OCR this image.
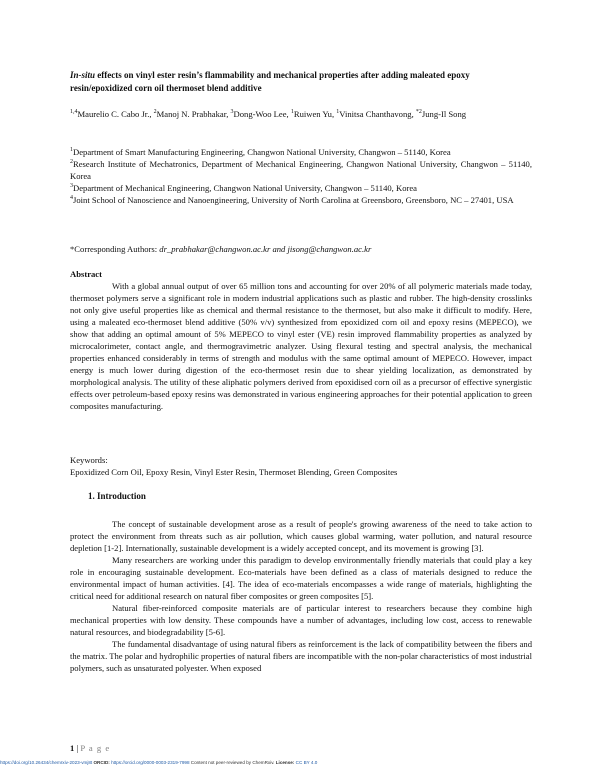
In-situ effects on vinyl ester resin’s flammability and mechanical properties after adding maleated epoxy resin/epoxidized corn oil thermoset blend additive
$^{1,4}$Maurelio C. Cabo Jr., $^2$Manoj N. Prabhakar, $^3$Dong-Woo Lee, $^1$Ruiwen Yu, $^1$Vinitsa Chanthavong, $^{*2}$Jung-Il Song

$^1$Department of Smart Manufacturing Engineering, Changwon National University, Changwon – 51140, Korea

$^2$Research Institute of Mechatronics, Department of Mechanical Engineering, Changwon National University, Changwon – 51140, Korea

$^3$Department of Mechanical Engineering, Changwon National University, Changwon – 51140, Korea

$^4$Joint School of Nanoscience and Nanoengineering, University of North Carolina at Greensboro, Greensboro, NC – 27401, USA

*Corresponding Authors: dr_prabhakar@changwon.ac.kr and jisong@changwon.ac.kr
Abstract
With a global annual output of over 65 million tons and accounting for over 20% of all polymeric materials made today, thermoset polymers serve a significant role in modern industrial applications such as plastic and rubber. The high-density crosslinks not only give useful properties like as chemical and thermal resistance to the thermoset, but also make it difficult to modify. Here, using a maleated eco-thermoset blend additive (50% v/v) synthesized from epoxidized corn oil and epoxy resins (MEPECO), we show that adding an optimal amount of 5% MEPECO to vinyl ester (VE) resin improved flammability properties as analyzed by microcalorimeter, contact angle, and thermogravimetric analyzer. Using flexural testing and spectral analysis, the mechanical properties enhanced considerably in terms of strength and modulus with the same optimal amount of MEPECO. However, impact energy is much lower during digestion of the eco-thermoset resin due to shear yielding localization, as demonstrated by morphological analysis. The utility of these aliphatic polymers derived from epoxidised corn oil as a precursor of effective synergistic effects over petroleum-based epoxy resins was demonstrated in various engineering approaches for their potential application to green composites manufacturing.
Keywords:
Epoxidized Corn Oil, Epoxy Resin, Vinyl Ester Resin, Thermoset Blending, Green Composites
1. Introduction

The concept of sustainable development arose as a result of people's growing awareness of the need to take action to protect the environment from threats such as air pollution, which causes global warming, water pollution, and natural resource depletion [1-2]. Internationally, sustainable development is a widely accepted concept, and its movement is growing [3].

Many researchers are working under this paradigm to develop environmentally friendly materials that could play a key role in encouraging sustainable development. Eco-materials have been defined as a class of materials designed to reduce the environmental impact of human activities. [4]. The idea of eco-materials encompasses a wide range of materials, highlighting the critical need for additional research on natural fiber composites or green composites [5].

Natural fiber-reinforced composite materials are of particular interest to researchers because they combine high mechanical properties with low density. These compounds have a number of advantages, including low cost, access to renewable natural resources, and biodegradability [5-6].

The fundamental disadvantage of using natural fibers as reinforcement is the lack of compatibility between the fibers and the matrix. The polar and hydrophilic properties of natural fibers are incompatible with the non-polar characteristics of most industrial polymers, such as unsaturated polyester. When exposed

1 | P a g e
https://doi.org/10.26434/chemrxiv-2023-vmj8t ORCID: https://orcid.org/0000-0003-2319-7998 Content not peer-reviewed by ChemRxiv. License: CC BY 4.0
